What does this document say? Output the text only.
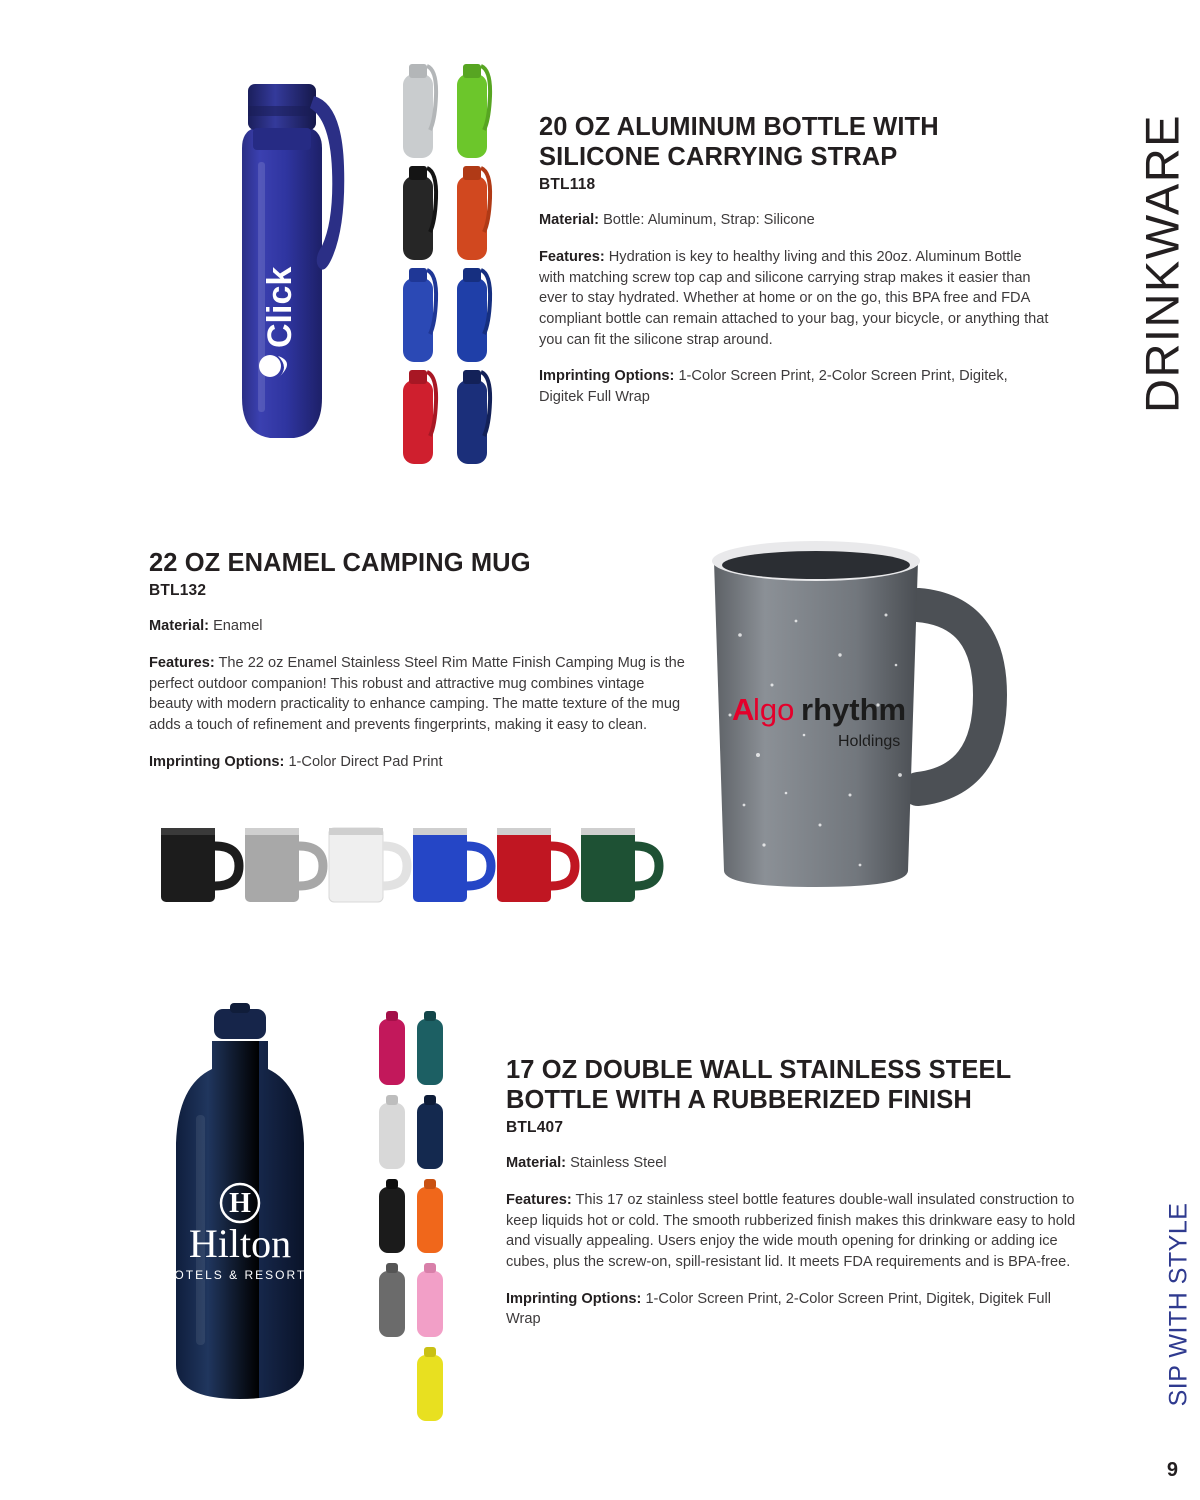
Click
20 OZ ALUMINUM BOTTLE WITH SILICONE CARRYING STRAP
BTL118
Material: Bottle: Aluminum, Strap: Silicone
Features: Hydration is key to healthy living and this 20oz. Aluminum Bottle with matching screw top cap and silicone carrying strap makes it easier than ever to stay hydrated. Whether at home or on the go, this BPA free and FDA compliant bottle can remain attached to your bag, your bicycle, or anything that you can fit the silicone strap around.
Imprinting Options: 1-Color Screen Print, 2-Color Screen Print, Digitek, Digitek Full Wrap
22 OZ ENAMEL CAMPING MUG
BTL132
Material: Enamel
Features: The 22 oz Enamel Stainless Steel Rim Matte Finish Camping Mug is the perfect outdoor companion! This robust and attractive mug combines vintage beauty with modern practicality to enhance camping. The matte texture of the mug adds a touch of refinement and prevents fingerprints, making it easy to clean.
Imprinting Options: 1-Color Direct Pad Print
A
lgo rhythm
Holdings
H
Hilton
HOTELS & RESORTS
17 OZ DOUBLE WALL STAINLESS STEEL BOTTLE WITH A RUBBERIZED FINISH
BTL407
Material: Stainless Steel
Features: This 17 oz stainless steel bottle features double-wall insulated construction to keep liquids hot or cold. The smooth rubberized finish makes this drinkware easy to hold and visually appealing. Users enjoy the wide mouth opening for drinking or adding ice cubes, plus the screw-on, spill-resistant lid. It meets FDA requirements and is BPA-free.
Imprinting Options: 1-Color Screen Print, 2-Color Screen Print, Digitek, Digitek Full Wrap
DRINKWARE
SIP WITH STYLE
9
